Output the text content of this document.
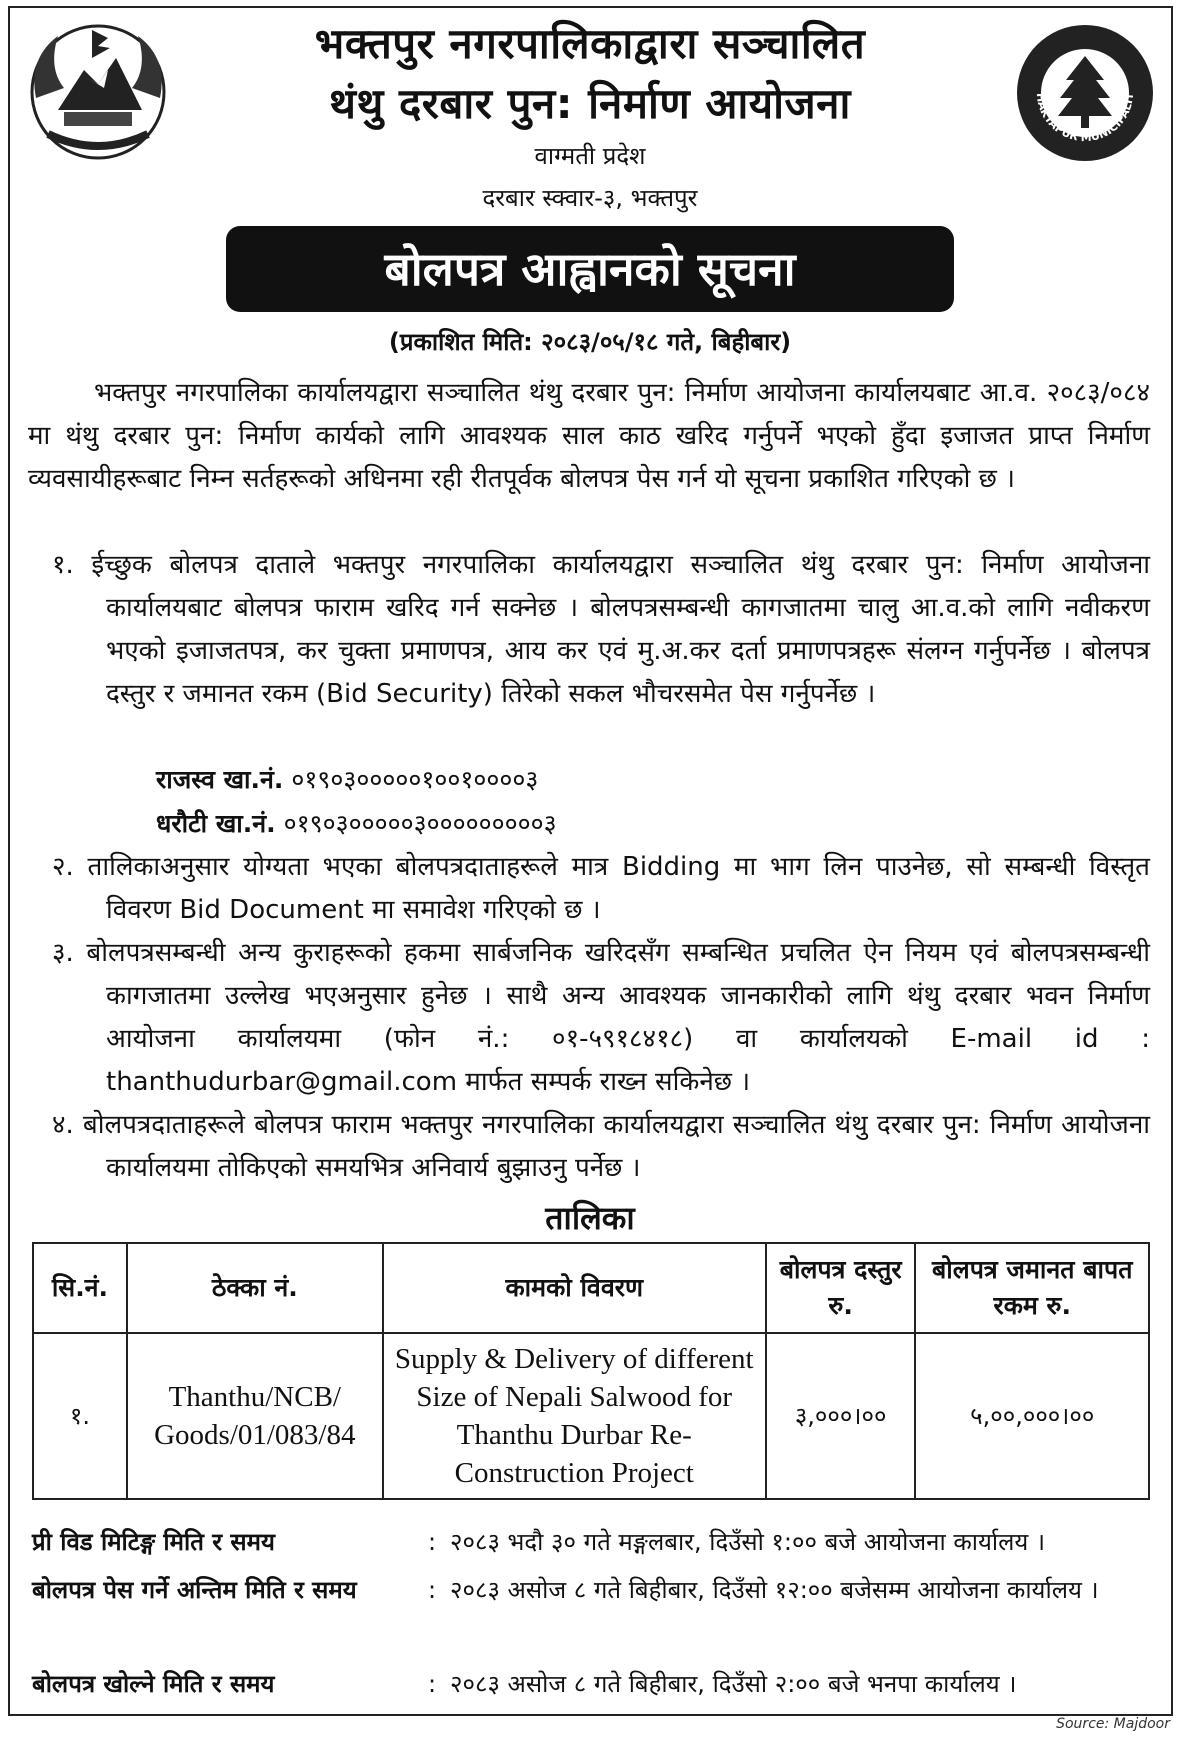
भक्तपुर नगरपालिकाद्वारा सञ्चालित
थंथु दरबार पुन: निर्माण आयोजना
वाग्मती प्रदेश
दरबार स्क्वार-३, भक्तपुर
HAKTAPUR MUNICIPALIT
बोलपत्र आह्वानको सूचना
(प्रकाशित मिति: २०८३/०५/१८ गते, बिहीबार)
भक्तपुर नगरपालिका कार्यालयद्वारा सञ्चालित थंथु दरबार पुन: निर्माण आयोजना कार्यालयबाट आ.व. २०८३/०८४ मा थंथु दरबार पुन: निर्माण कार्यको लागि आवश्यक साल काठ खरिद गर्नुपर्ने भएको हुँदा इजाजत प्राप्त निर्माण व्यवसायीहरूबाट निम्न सर्तहरूको अधिनमा रही रीतपूर्वक बोलपत्र पेस गर्न यो सूचना प्रकाशित गरिएको छ ।
१. ईच्छुक बोलपत्र दाताले भक्तपुर नगरपालिका कार्यालयद्वारा सञ्चालित थंथु दरबार पुन: निर्माण आयोजना कार्यालयबाट बोलपत्र फाराम खरिद गर्न सक्नेछ । बोलपत्रसम्बन्धी कागजातमा चालु आ.व.को लागि नवीकरण भएको इजाजतपत्र, कर चुक्ता प्रमाणपत्र, आय कर एवं मु.अ.कर दर्ता प्रमाणपत्रहरू संलग्न गर्नुपर्नेछ । बोलपत्र दस्तुर र जमानत रकम (Bid Security) तिरेको सकल भौचरसमेत पेस गर्नुपर्नेछ ।
राजस्व खा.नं. ०१९०३०००००१००१००००३
धरौटी खा.नं. ०१९०३०००००३०००००००००३
२. तालिकाअनुसार योग्यता भएका बोलपत्रदाताहरूले मात्र Bidding मा भाग लिन पाउनेछ, सो सम्बन्धी विस्तृत विवरण Bid Document मा समावेश गरिएको छ ।
३. बोलपत्रसम्बन्धी अन्य कुराहरूको हकमा सार्बजनिक खरिदसँग सम्बन्धित प्रचलित ऐन नियम एवं बोलपत्रसम्बन्धी कागजातमा उल्लेख भएअनुसार हुनेछ । साथै अन्य आवश्यक जानकारीको लागि थंथु दरबार भवन निर्माण आयोजना कार्यालयमा (फोन नं.: ०१-५९१८४१८) वा कार्यालयको E-mail id : thanthudurbar@gmail.com मार्फत सम्पर्क राख्न सकिनेछ ।
४. बोलपत्रदाताहरूले बोलपत्र फाराम भक्तपुर नगरपालिका कार्यालयद्वारा सञ्चालित थंथु दरबार पुन: निर्माण आयोजना कार्यालयमा तोकिएको समयभित्र अनिवार्य बुझाउनु पर्नेछ ।
तालिका
सि.नं.	ठेक्का नं.	कामको विवरण	बोलपत्र दस्तुर रु.	बोलपत्र जमानत बापत रकम रु.
१.	Thanthu/NCB/ Goods/01/083/84	Supply & Delivery of different Size of Nepali Salwood for Thanthu Durbar Re-Construction Project	३,०००।००	५,००,०००।००
प्री विड मिटिङ्ग मिति र समय	: २०८३ भदौ ३० गते मङ्गलबार, दिउँसो १:०० बजे आयोजना कार्यालय ।
बोलपत्र पेस गर्ने अन्तिम मिति र समय	: २०८३ असोज ८ गते बिहीबार, दिउँसो १२:०० बजेसम्म आयोजना कार्यालय ।
बोलपत्र खोल्ने मिति र समय	: २०८३ असोज ८ गते बिहीबार, दिउँसो २:०० बजे भनपा कार्यालय ।
Source: Majdoor
